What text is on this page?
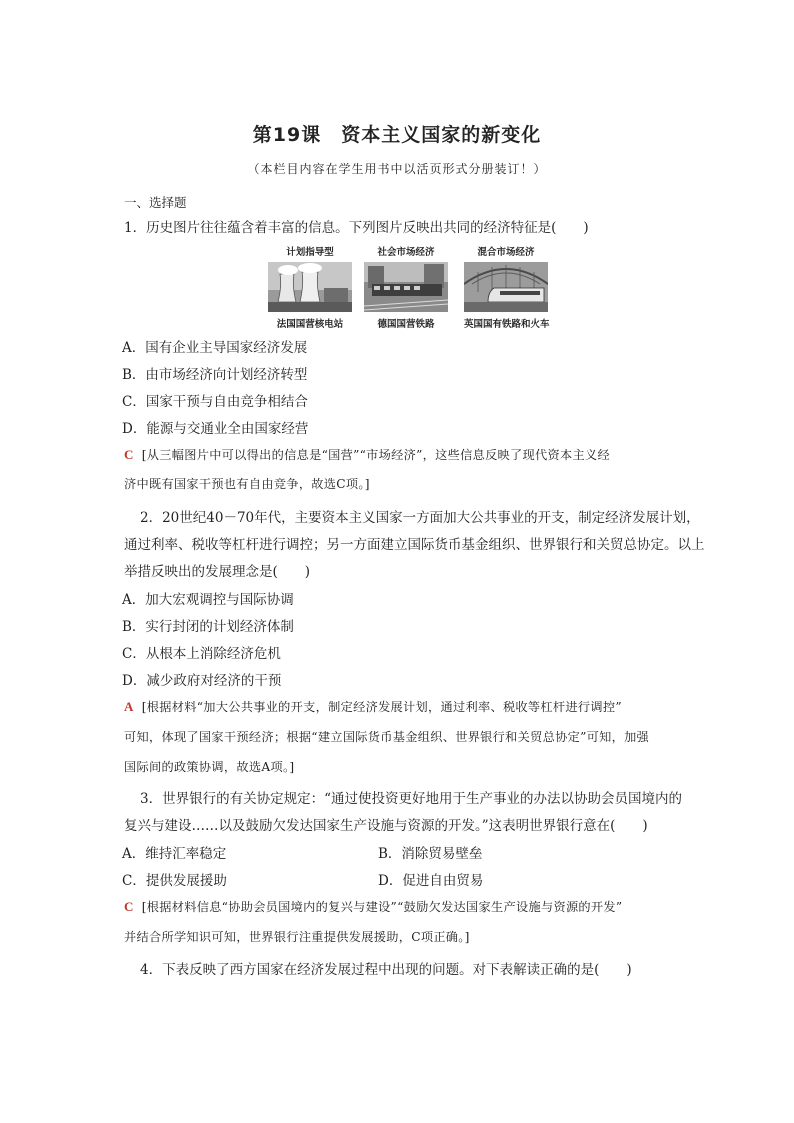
第19课　资本主义国家的新变化
（本栏目内容在学生用书中以活页形式分册装订！）
一、选择题
1．历史图片往往蕴含着丰富的信息。下列图片反映出共同的经济特征是(　　)
计划指导型
法国国营核电站
社会市场经济
德国国营铁路
混合市场经济
英国国有铁路和火车
A．国有企业主导国家经济发展
B．由市场经济向计划经济转型
C．国家干预与自由竞争相结合
D．能源与交通业全由国家经营
C [从三幅图片中可以得出的信息是“国营”“市场经济”，这些信息反映了现代资本主义经
济中既有国家干预也有自由竞争，故选C项。]
2．20世纪40－70年代，主要资本主义国家一方面加大公共事业的开支，制定经济发展计划，
通过利率、税收等杠杆进行调控；另一方面建立国际货币基金组织、世界银行和关贸总协定。以上
举措反映出的发展理念是(　　)
A．加大宏观调控与国际协调
B．实行封闭的计划经济体制
C．从根本上消除经济危机
D．减少政府对经济的干预
A [根据材料“加大公共事业的开支，制定经济发展计划，通过利率、税收等杠杆进行调控”
可知，体现了国家干预经济；根据“建立国际货币基金组织、世界银行和关贸总协定”可知，加强
国际间的政策协调，故选A项。]
3．世界银行的有关协定规定：“通过使投资更好地用于生产事业的办法以协助会员国境内的
复兴与建设……以及鼓励欠发达国家生产设施与资源的开发。”这表明世界银行意在(　　)
A．维持汇率稳定	B．消除贸易壁垒
C．提供发展援助	D．促进自由贸易
C [根据材料信息“协助会员国境内的复兴与建设”“鼓励欠发达国家生产设施与资源的开发”
并结合所学知识可知，世界银行注重提供发展援助，C项正确。]
4．下表反映了西方国家在经济发展过程中出现的问题。对下表解读正确的是(　　)
